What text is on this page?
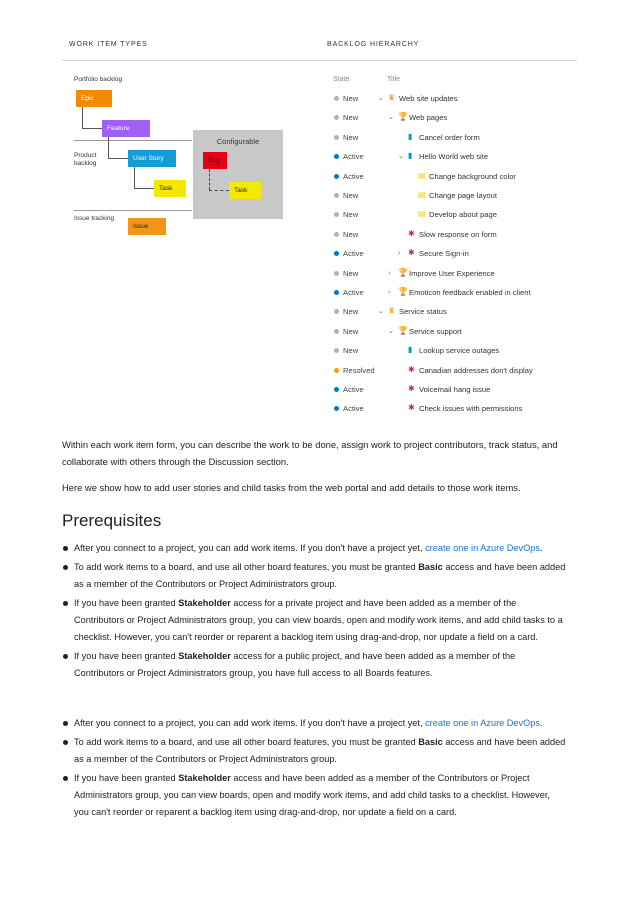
WORK ITEM TYPES	BACKLOG HIERARCHY
Portfolio backlog
Epic
Feature
Product
backlog
User Story
Task
Issue tracking
Issue
Configurable
Bug
Task
State	Title
New	⌄ ♛ Web site updates
New	⌄ 🏆 Web pages
New	▮ Cancel order form
Active	⌄ ▮ Hello World web site
Active	▤ Change background color
New	▤ Change page layout
New	▤ Develop about page
New	✱ Slow response on form
Active	› ✱ Secure Sign-in
New	› 🏆 Improve User Experience
Active	› 🏆 Emoticon feedback enabled in client
New	⌄ ♛ Service status
New	⌄ 🏆 Service support
New	▮ Lookup service outages
Resolved	✱ Canadian addresses don't display
Active	✱ Voicemail hang issue
Active	✱ Check issues with permissions
Within each work item form, you can describe the work to be done, assign work to project contributors, track status, and collaborate with others through the Discussion section.
Here we show how to add user stories and child tasks from the web portal and add details to those work items.
Prerequisites
After you connect to a project, you can add work items. If you don't have a project yet, create one in Azure DevOps.
To add work items to a board, and use all other board features, you must be granted Basic access and have been added as a member of the Contributors or Project Administrators group.
If you have been granted Stakeholder access for a private project and have been added as a member of the Contributors or Project Administrators group, you can view boards, open and modify work items, and add child tasks to a checklist. However, you can't reorder or reparent a backlog item using drag-and-drop, nor update a field on a card.
If you have been granted Stakeholder access for a public project, and have been added as a member of the Contributors or Project Administrators group, you have full access to all Boards features.
After you connect to a project, you can add work items. If you don't have a project yet, create one in Azure DevOps.
To add work items to a board, and use all other board features, you must be granted Basic access and have been added as a member of the Contributors or Project Administrators group.
If you have been granted Stakeholder access and have been added as a member of the Contributors or Project Administrators group, you can view boards, open and modify work items, and add child tasks to a checklist. However, you can't reorder or reparent a backlog item using drag-and-drop, nor update a field on a card.
